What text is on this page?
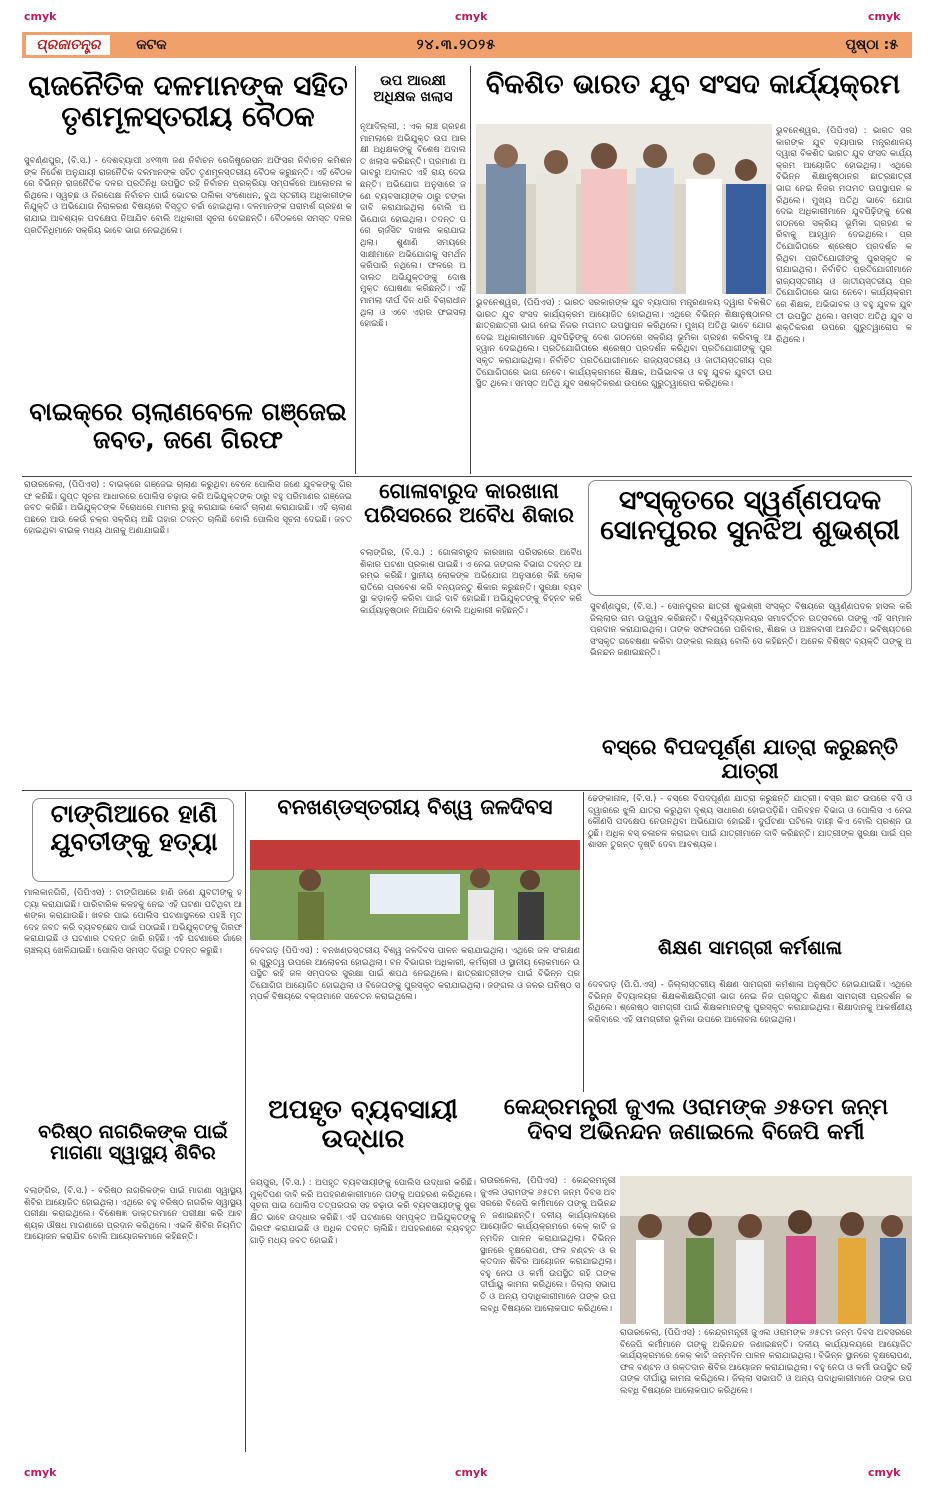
cmyk	cmyk	cmyk
cmyk	cmyk	cmyk
ପ୍ରଜାତନ୍ତ୍ର	କଟକ	୨୪.୩.୨୦୨୫	ପୃଷ୍ଠା :୫
ରାଜନୈତିକ ଦଳମାନଙ୍କ ସହିତ ତୃଣମୂଳସ୍ତରୀୟ ବୈଠକ
ସୁବର୍ଣ୍ଣପୁର, (ବି.ସ.) - ଦେଶବ୍ୟାପୀ ୪୧୩୩ ଜଣ ନିର୍ବାଚନ ରେଜିଷ୍ଟ୍ରେସନ ଅଫିସର ନିର୍ବାଚନ କମିଶନଙ୍କ ନିର୍ଦ୍ଦେଶ ଅନୁଯାୟୀ ରାଜନୈତିକ ଦଳମାନଙ୍କ ସହିତ ତୃଣମୂଳସ୍ତରୀୟ ବୈଠକ କରୁଛନ୍ତି। ଏହି ବୈଠକରେ ବିଭିନ୍ନ ରାଜନୈତିକ ଦଳର ପ୍ରତିନିଧି ଉପସ୍ଥିତ ରହି ନିର୍ବାଚନ ପ୍ରକ୍ରିୟା ସମ୍ପର୍କରେ ଆଲୋଚନା କରିଥିଲେ। ସ୍ୱଚ୍ଛ ଓ ନିରପେକ୍ଷ ନିର୍ବାଚନ ପାଇଁ ଭୋଟର ତାଲିକା ସଂଶୋଧନ, ବୁଥ ସ୍ତରୀୟ ଅଧିକାରୀଙ୍କ ନିଯୁକ୍ତି ଓ ଅଭିଯୋଗ ନିରାକରଣ ବିଷୟରେ ବିସ୍ତୃତ ଚର୍ଚ୍ଚା ହୋଇଥିଲା। ଦଳମାନଙ୍କ ପରାମର୍ଶ ଗ୍ରହଣ କରାଯାଇ ଆବଶ୍ୟକ ପଦକ୍ଷେପ ନିଆଯିବ ବୋଲି ଅଧିକାରୀ ସୂଚନା ଦେଇଛନ୍ତି। ବୈଠକରେ ସମସ୍ତ ଦଳର ପ୍ରତିନିଧିମାନେ ସକ୍ରିୟ ଭାବେ ଭାଗ ନେଇଥିଲେ।
ବାଇକ୍‌ରେ ଚାଲାଣବେଳେ ଗଞ୍ଜେଇ ଜବତ, ଜଣେ ଗିରଫ
ଉପ ଆରକ୍ଷୀ ଅଧିକ୍ଷକ ଖଲାସ
ନୂଆଦିଲ୍ଲୀ, : ଏକ ଲାଞ୍ଚ ଗ୍ରହଣ ମାମଲାରେ ଅଭିଯୁକ୍ତ ଉପ ଆରକ୍ଷୀ ଅଧିକ୍ଷକଙ୍କୁ ବିଶେଷ ଅଦାଲତ ଖଲାସ କରିଛନ୍ତି। ପ୍ରମାଣ ଅଭାବରୁ ଅଦାଲତ ଏହି ରାୟ ଦେଇଛନ୍ତି। ଅଭିଯୋଗ ଅନୁସାରେ ଜଣେ ବ୍ୟବସାୟୀଙ୍କ ଠାରୁ ଟଙ୍କା ଦାବି କରାଯାଇଥିଲା ବୋଲି ଅଭିଯୋଗ ହୋଇଥିଲା। ତଦନ୍ତ ପରେ ଚାର୍ଜସିଟ ଦାଖଲ କରାଯାଇଥିଲା। ଶୁଣାଣି ସମୟରେ ସାକ୍ଷୀମାନେ ଅଭିଯୋଗକୁ ସମର୍ଥନ କରିପାରି ନଥିଲେ। ଫଳରେ ଅଦାଲତ ଅଭିଯୁକ୍ତଙ୍କୁ ଦୋଷମୁକ୍ତ ଘୋଷଣା କରିଛନ୍ତି। ଏହି ମାମଲା ଦୀର୍ଘ ଦିନ ଧରି ବିଚାରାଧୀନ ଥିଲା ଓ ଏବେ ଏହାର ଫଇସଲା ହୋଇଛି।
ବିକଶିତ ଭାରତ ଯୁବ ସଂସଦ କାର୍ଯ୍ୟକ୍ରମ
ଭୁବନେଶ୍ୱର, (ପିପିଏସ) : ଭାରତ ସରକାରଙ୍କ ଯୁବ ବ୍ୟାପାର ମନ୍ତ୍ରଣାଳୟ ଦ୍ୱାରା ବିକଶିତ ଭାରତ ଯୁବ ସଂସଦ କାର୍ଯ୍ୟକ୍ରମ ଆୟୋଜିତ ହୋଇଥିଲା। ଏଥିରେ ବିଭିନ୍ନ ଶିକ୍ଷାନୁଷ୍ଠାନର ଛାତ୍ରଛାତ୍ରୀ ଭାଗ ନେଇ ନିଜର ମତାମତ ଉପସ୍ଥାପନ କରିଥିଲେ। ମୁଖ୍ୟ ଅତିଥି ଭାବେ ଯୋଗ ଦେଇ ଅଧିକାରୀମାନେ ଯୁବପିଢ଼ିଙ୍କୁ ଦେଶ ଗଠନରେ ସକ୍ରିୟ ଭୂମିକା ଗ୍ରହଣ କରିବାକୁ ଆହ୍ୱାନ ଦେଇଥିଲେ। ପ୍ରତିଯୋଗିତାରେ ଶ୍ରେଷ୍ଠ ପ୍ରଦର୍ଶନ କରିଥିବା ପ୍ରତିଯୋଗୀଙ୍କୁ ପୁରସ୍କୃତ କରାଯାଇଥିଲା। ନିର୍ବାଚିତ ପ୍ରତିଯୋଗୀମାନେ ରାଜ୍ୟସ୍ତରୀୟ ଓ ଜାତୀୟସ୍ତରୀୟ ପ୍ରତିଯୋଗିତାରେ ଭାଗ ନେବେ। କାର୍ଯ୍ୟକ୍ରମରେ ଶିକ୍ଷକ, ଅଭିଭାବକ ଓ ବହୁ ଯୁବକ ଯୁବତୀ ଉପସ୍ଥିତ ଥିଲେ। ସମସ୍ତ ଅତିଥି ଯୁବ ସଶକ୍ତିକରଣ ଉପରେ ଗୁରୁତ୍ୱାରୋପ କରିଥିଲେ।
ଭୁବନେଶ୍ୱର, (ପିପିଏସ) : ଭାରତ ସରକାରଙ୍କ ଯୁବ ବ୍ୟାପାର ମନ୍ତ୍ରଣାଳୟ ଦ୍ୱାରା ବିକଶିତ ଭାରତ ଯୁବ ସଂସଦ କାର୍ଯ୍ୟକ୍ରମ ଆୟୋଜିତ ହୋଇଥିଲା। ଏଥିରେ ବିଭିନ୍ନ ଶିକ୍ଷାନୁଷ୍ଠାନର ଛାତ୍ରଛାତ୍ରୀ ଭାଗ ନେଇ ନିଜର ମତାମତ ଉପସ୍ଥାପନ କରିଥିଲେ। ମୁଖ୍ୟ ଅତିଥି ଭାବେ ଯୋଗ ଦେଇ ଅଧିକାରୀମାନେ ଯୁବପିଢ଼ିଙ୍କୁ ଦେଶ ଗଠନରେ ସକ୍ରିୟ ଭୂମିକା ଗ୍ରହଣ କରିବାକୁ ଆହ୍ୱାନ ଦେଇଥିଲେ। ପ୍ରତିଯୋଗିତାରେ ଶ୍ରେଷ୍ଠ ପ୍ରଦର୍ଶନ କରିଥିବା ପ୍ରତିଯୋଗୀଙ୍କୁ ପୁରସ୍କୃତ କରାଯାଇଥିଲା। ନିର୍ବାଚିତ ପ୍ରତିଯୋଗୀମାନେ ରାଜ୍ୟସ୍ତରୀୟ ଓ ଜାତୀୟସ୍ତରୀୟ ପ୍ରତିଯୋଗିତାରେ ଭାଗ ନେବେ। କାର୍ଯ୍ୟକ୍ରମରେ ଶିକ୍ଷକ, ଅଭିଭାବକ ଓ ବହୁ ଯୁବକ ଯୁବତୀ ଉପସ୍ଥିତ ଥିଲେ। ସମସ୍ତ ଅତିଥି ଯୁବ ସଶକ୍ତିକରଣ ଉପରେ ଗୁରୁତ୍ୱାରୋପ କରିଥିଲେ।
ଗୋଳାବାରୁଦ କାରଖାନା ପରିସରରେ ଅବୈଧ ଶିକାର
ବଲାଙ୍ଗିର, (ବି.ସ.) : ଗୋଳାବାରୁଦ କାରଖାନା ପରିସରରେ ଅବୈଧ ଶିକାର ଘଟଣା ପ୍ରକାଶ ପାଇଛି। ଏ ନେଇ ଜଙ୍ଗଲ ବିଭାଗ ତଦନ୍ତ ଆରମ୍ଭ କରିଛି। ସ୍ଥାନୀୟ ଲୋକଙ୍କ ଅଭିଯୋଗ ଅନୁସାରେ କିଛି ଲୋକ ରାତିରେ ପ୍ରବେଶ କରି ବନ୍ୟଜନ୍ତୁ ଶିକାର କରୁଛନ୍ତି। ସୁରକ୍ଷା ବ୍ୟବସ୍ଥା କଡ଼ାକଡ଼ି କରିବା ପାଇଁ ଦାବି ହୋଇଛି। ଅଭିଯୁକ୍ତଙ୍କୁ ଚିହ୍ନଟ କରି କାର୍ଯ୍ୟାନୁଷ୍ଠାନ ନିଆଯିବ ବୋଲି ଅଧିକାରୀ କହିଛନ୍ତି।
ରାଉରକେଲା, (ପିପିଏସ) : ବାଇକ୍‌ରେ ଗଞ୍ଜେଇ ଚାଲାଣ କରୁଥିବା ବେଳେ ପୋଲିସ ଜଣେ ଯୁବକଙ୍କୁ ଗିରଫ କରିଛି। ଗୁପ୍ତ ସୂଚନା ଆଧାରରେ ପୋଲିସ ଚଢ଼ାଉ କରି ଅଭିଯୁକ୍ତଙ୍କ ଠାରୁ ବହୁ ପରିମାଣର ଗଞ୍ଜେଇ ଜବତ କରିଛି। ଅଭିଯୁକ୍ତଙ୍କ ବିରୋଧରେ ମାମଲା ରୁଜୁ କରାଯାଇ କୋର୍ଟ ଚାଲାଣ କରାଯାଇଛି। ଏହି ଚାଲାଣ ପଛରେ ଆଉ କେଉଁ ଚକ୍ର ସକ୍ରିୟ ଅଛି ତାହାର ତଦନ୍ତ ଚାଲିଛି ବୋଲି ପୋଲିସ ସୂଚନା ଦେଇଛି। ଜବତ ହୋଇଥିବା ବାଇକ୍ ମଧ୍ୟ ଥାନାକୁ ଅଣାଯାଇଛି।
ସଂସ୍କୃତରେ ସ୍ୱର୍ଣ୍ଣପଦକ ସୋନପୁରର ସୁନଝିଅ ଶୁଭଶ୍ରୀ
ସୁବର୍ଣ୍ଣପୁର, (ବି.ସ.) - ସୋନପୁରର ଛାତ୍ରୀ ଶୁଭଶ୍ରୀ ସଂସ୍କୃତ ବିଷୟରେ ସ୍ୱର୍ଣ୍ଣପଦକ ହାସଲ କରି ଜିଲ୍ଲାର ନାମ ଉଜ୍ଜ୍ୱଳ କରିଛନ୍ତି। ବିଶ୍ୱବିଦ୍ୟାଳୟର ସମାବର୍ତ୍ତନ ଉତ୍ସବରେ ତାଙ୍କୁ ଏହି ସମ୍ମାନ ପ୍ରଦାନ କରାଯାଇଥିଲା। ତାଙ୍କ ସଫଳତାରେ ପରିବାର, ଶିକ୍ଷକ ଓ ଅଞ୍ଚଳବାସୀ ଆନନ୍ଦିତ। ଭବିଷ୍ୟତରେ ସଂସ୍କୃତ ଗବେଷଣା କରିବା ତାଙ୍କର ଲକ୍ଷ୍ୟ ବୋଲି ସେ କହିଛନ୍ତି। ଅନେକ ବିଶିଷ୍ଟ ବ୍ୟକ୍ତି ତାଙ୍କୁ ଅଭିନନ୍ଦନ ଜଣାଇଛନ୍ତି।
ବସ୍‌ରେ ବିପଦପୂର୍ଣ୍ଣ ଯାତ୍ରା କରୁଛନ୍ତି ଯାତ୍ରୀ
ଢେଙ୍କାନାଳ, (ବି.ସ.) - ବସ୍‌ରେ ବିପଦପୂର୍ଣ୍ଣ ଯାତ୍ରା କରୁଛନ୍ତି ଯାତ୍ରୀ। ବସ୍‌ର ଛାତ ଉପରେ ବସି ଓ ଦ୍ୱାରରେ ଝୁଲି ଯାତ୍ରା କରୁଥିବା ଦୃଶ୍ୟ ସାଧାରଣ ହୋଇପଡ଼ିଛି। ପରିବହନ ବିଭାଗ ଓ ପୋଲିସ ଏ ନେଇ କୌଣସି ପଦକ୍ଷେପ ନେଉନଥିବା ଅଭିଯୋଗ ହୋଇଛି। ଦୁର୍ଘଟଣା ଘଟିଲେ ଦାୟୀ କିଏ ବୋଲି ପ୍ରଶ୍ନ ଉଠୁଛି। ଅଧିକ ବସ୍ ଚଳାଚଳ କରାଇବା ପାଇଁ ଯାତ୍ରୀମାନେ ଦାବି କରିଛନ୍ତି। ଯାତ୍ରୀଙ୍କ ସୁରକ୍ଷା ପାଇଁ ପ୍ରଶାସନ ତୁରନ୍ତ ଦୃଷ୍ଟି ଦେବା ଆବଶ୍ୟକ।
ଟାଙ୍ଗିଆରେ ହାଣି ଯୁବତୀଙ୍କୁ ହତ୍ୟା
ମାଲକାନଗିରି, (ପିପିଏସ) : ଟାଙ୍ଗିଆରେ ହାଣି ଜଣେ ଯୁବତୀଙ୍କୁ ହତ୍ୟା କରାଯାଇଛି। ପାରିବାରିକ କଳହକୁ ନେଇ ଏହି ଘଟଣା ଘଟିଥିବା ଆଶଙ୍କା କରାଯାଉଛି। ଖବର ପାଇ ପୋଲିସ ଘଟଣାସ୍ଥଳରେ ପହଞ୍ଚି ମୃତଦେହ ଜବତ କରି ବ୍ୟବଚ୍ଛେଦ ପାଇଁ ପଠାଇଛି। ଅଭିଯୁକ୍ତଙ୍କୁ ଗିରଫ କରାଯାଇଛି ଓ ଘଟଣାର ତଦନ୍ତ ଜାରି ରହିଛି। ଏହି ଘଟଣାରେ ଗାଁରେ ଚାଞ୍ଚଲ୍ୟ ଖେଳିଯାଇଛି। ପୋଲିସ ସମସ୍ତ ଦିଗରୁ ତଦନ୍ତ କରୁଛି।
ବରିଷ୍ଠ ନାଗରିକଙ୍କ ପାଇଁ ମାଗଣା ସ୍ୱାସ୍ଥ୍ୟ ଶିବିର
ବଲାଙ୍ଗିର, (ବି.ସ.) - ବରିଷ୍ଠ ନାଗରିକଙ୍କ ପାଇଁ ମାଗଣା ସ୍ୱାସ୍ଥ୍ୟ ଶିବିର ଆୟୋଜିତ ହୋଇଥିଲା। ଏଥିରେ ବହୁ ବରିଷ୍ଠ ନାଗରିକ ସ୍ୱାସ୍ଥ୍ୟ ପରୀକ୍ଷା କରାଇଥିଲେ। ବିଶେଷଜ୍ଞ ଡାକ୍ତରମାନେ ପରୀକ୍ଷା କରି ଆବଶ୍ୟକ ଔଷଧ ମାଗଣାରେ ପ୍ରଦାନ କରିଥିଲେ। ଏଭଳି ଶିବିର ନିୟମିତ ଆୟୋଜନ କରାଯିବ ବୋଲି ଆୟୋଜକମାନେ କହିଛନ୍ତି।
ବନଖଣ୍ଡସ୍ତରୀୟ ବିଶ୍ୱ ଜଳଦିବସ
ଦେବଗଡ଼ (ପିପିଏସ) : ବନଖଣ୍ଡସ୍ତରୀୟ ବିଶ୍ୱ ଜଳଦିବସ ପାଳନ କରାଯାଇଥିଲା। ଏଥିରେ ଜଳ ସଂରକ୍ଷଣର ଗୁରୁତ୍ୱ ଉପରେ ଆଲୋଚନା ହୋଇଥିଲା। ବନ ବିଭାଗର ଅଧିକାରୀ, କର୍ମଚାରୀ ଓ ସ୍ଥାନୀୟ ଲୋକମାନେ ଉପସ୍ଥିତ ରହି ଜଳ ସମ୍ପଦର ସୁରକ୍ଷା ପାଇଁ ଶପଥ ନେଇଥିଲେ। ଛାତ୍ରଛାତ୍ରୀଙ୍କ ପାଇଁ ବିଭିନ୍ନ ପ୍ରତିଯୋଗିତା ଆୟୋଜିତ ହୋଇଥିଲା ଓ ବିଜେତାଙ୍କୁ ପୁରସ୍କୃତ କରାଯାଇଥିଲା। ଜଙ୍ଗଲ ଓ ଜଳର ଘନିଷ୍ଠ ସମ୍ପର୍କ ବିଷୟରେ ବକ୍ତାମାନେ ସଚେତନ କରାଇଥିଲେ।
ଶିକ୍ଷଣ ସାମଗ୍ରୀ କର୍ମଶାଳା
ଦେବଗଡ଼ (ପି.ପି.ଏସ୍) - ଜିଲ୍ଲାସ୍ତରୀୟ ଶିକ୍ଷଣ ସାମଗ୍ରୀ କର୍ମଶାଳା ଅନୁଷ୍ଠିତ ହୋଇଯାଇଛି। ଏଥିରେ ବିଭିନ୍ନ ବିଦ୍ୟାଳୟର ଶିକ୍ଷକଶିକ୍ଷୟିତ୍ରୀ ଭାଗ ନେଇ ନିଜ ପ୍ରସ୍ତୁତ ଶିକ୍ଷଣ ସାମଗ୍ରୀ ପ୍ରଦର୍ଶନ କରିଥିଲେ। ଶ୍ରେଷ୍ଠ ସାମଗ୍ରୀ ପାଇଁ ଶିକ୍ଷକମାନଙ୍କୁ ପୁରସ୍କୃତ କରାଯାଇଥିଲା। ଶିକ୍ଷାଦାନକୁ ଆକର୍ଷଣୀୟ କରିବାରେ ଏହି ସାମଗ୍ରୀର ଭୂମିକା ଉପରେ ଆଲୋଚନା ହୋଇଥିଲା।
ଅପହୃତ ବ୍ୟବସାୟୀ ଉଦ୍ଧାର
ଜୟପୁର, (ବି.ସ.) : ଅପହୃତ ବ୍ୟବସାୟୀଙ୍କୁ ପୋଲିସ ଉଦ୍ଧାର କରିଛି। ମୁକ୍ତିପଣ ଦାବି କରି ଅପହରଣକାରୀମାନେ ତାଙ୍କୁ ଅପହରଣ କରିଥିଲେ। ସୂଚନା ପାଇ ପୋଲିସ ତତ୍ପରତାର ସହ ଚଢ଼ାଉ କରି ବ୍ୟବସାୟୀଙ୍କୁ ସୁରକ୍ଷିତ ଭାବେ ଉଦ୍ଧାର କରିଛି। ଏହି ଘଟଣାରେ ସମ୍ପୃକ୍ତ ଅଭିଯୁକ୍ତଙ୍କୁ ଗିରଫ କରାଯାଇଛି ଓ ଅଧିକ ତଦନ୍ତ ଚାଲିଛି। ଅପହରଣରେ ବ୍ୟବହୃତ ଗାଡ଼ି ମଧ୍ୟ ଜବତ ହୋଇଛି।
କେନ୍ଦ୍ରମନ୍ତ୍ରୀ ଜୁଏଲ ଓରାମଙ୍କ ୬୫ତମ ଜନ୍ମ ଦିବସ ଅଭିନନ୍ଦନ ଜଣାଇଲେ ବିଜେପି କର୍ମୀ
ରାଉରକେଲା, (ପିପିଏସ) : କେନ୍ଦ୍ରମନ୍ତ୍ରୀ ଜୁଏଲ ଓରାମଙ୍କ ୬୫ତମ ଜନ୍ମ ଦିବସ ଅବସରରେ ବିଜେପି କର୍ମୀମାନେ ତାଙ୍କୁ ଅଭିନନ୍ଦନ ଜଣାଇଛନ୍ତି। ଦଳୀୟ କାର୍ଯ୍ୟାଳୟରେ ଆୟୋଜିତ କାର୍ଯ୍ୟକ୍ରମରେ କେକ୍ କାଟି ଜନ୍ମଦିନ ପାଳନ କରାଯାଇଥିଲା। ବିଭିନ୍ନ ସ୍ଥାନରେ ବୃକ୍ଷରୋପଣ, ଫଳ ବଣ୍ଟନ ଓ ରକ୍ତଦାନ ଶିବିର ଆୟୋଜନ କରାଯାଇଥିଲା। ବହୁ ନେତା ଓ କର୍ମୀ ଉପସ୍ଥିତ ରହି ତାଙ୍କ ଦୀର୍ଘାୟୁ କାମନା କରିଥିଲେ। ଜିଲ୍ଲା ସଭାପତି ଓ ଅନ୍ୟ ପଦାଧିକାରୀମାନେ ତାଙ୍କ ଉପଲବ୍ଧି ବିଷୟରେ ଆଲୋକପାତ କରିଥିଲେ।
ରାଉରକେଲା, (ପିପିଏସ) : କେନ୍ଦ୍ରମନ୍ତ୍ରୀ ଜୁଏଲ ଓରାମଙ୍କ ୬୫ତମ ଜନ୍ମ ଦିବସ ଅବସରରେ ବିଜେପି କର୍ମୀମାନେ ତାଙ୍କୁ ଅଭିନନ୍ଦନ ଜଣାଇଛନ୍ତି। ଦଳୀୟ କାର୍ଯ୍ୟାଳୟରେ ଆୟୋଜିତ କାର୍ଯ୍ୟକ୍ରମରେ କେକ୍ କାଟି ଜନ୍ମଦିନ ପାଳନ କରାଯାଇଥିଲା। ବିଭିନ୍ନ ସ୍ଥାନରେ ବୃକ୍ଷରୋପଣ, ଫଳ ବଣ୍ଟନ ଓ ରକ୍ତଦାନ ଶିବିର ଆୟୋଜନ କରାଯାଇଥିଲା। ବହୁ ନେତା ଓ କର୍ମୀ ଉପସ୍ଥିତ ରହି ତାଙ୍କ ଦୀର୍ଘାୟୁ କାମନା କରିଥିଲେ। ଜିଲ୍ଲା ସଭାପତି ଓ ଅନ୍ୟ ପଦାଧିକାରୀମାନେ ତାଙ୍କ ଉପଲବ୍ଧି ବିଷୟରେ ଆଲୋକପାତ କରିଥିଲେ।
